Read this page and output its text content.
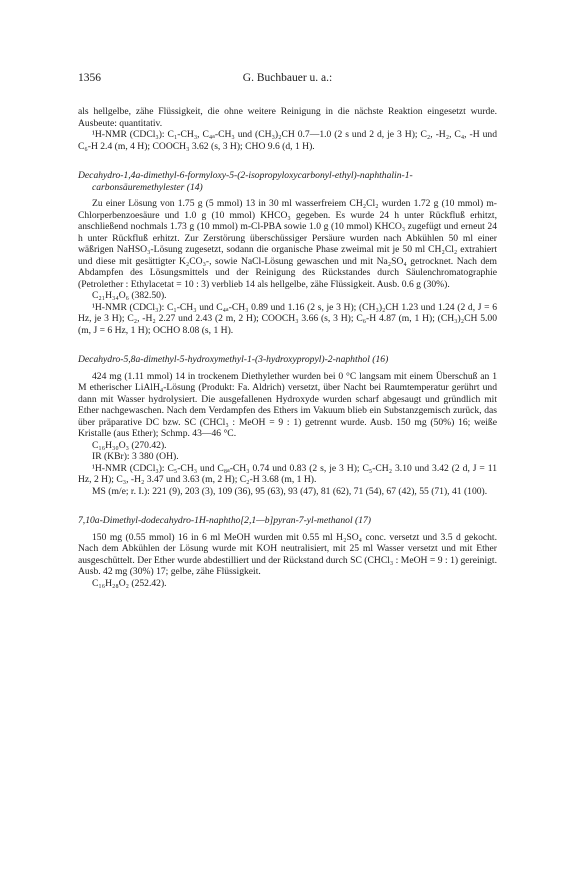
1356	G. Buchbauer u. a.:

als hellgelbe, zähe Flüssigkeit, die ohne weitere Reinigung in die nächste Reaktion eingesetzt wurde. Ausbeute: quantitativ.

¹H-NMR (CDCl₃): C₁-CH₃, C₄ₐ-CH₃ und (CH₃)₂CH 0.7—1.0 (2 s und 2 d, je 3 H); C₂, -H₂, C₄, -H und C₆-H 2.4 (m, 4 H); COOCH₃ 3.62 (s, 3 H); CHO 9.6 (d, 1 H).

Decahydro-1,4a-dimethyl-6-formyloxy-5-(2-isopropyloxycarbonyl-ethyl)-naphthalin-1-carbonsäuremethylester (14)

Zu einer Lösung von 1.75 g (5 mmol) 13 in 30 ml wasserfreiem CH₂Cl₂ wurden 1.72 g (10 mmol) m-Chlorperbenzoesäure und 1.0 g (10 mmol) KHCO₃ gegeben. Es wurde 24 h unter Rückfluß erhitzt, anschließend nochmals 1.73 g (10 mmol) m-Cl-PBA sowie 1.0 g (10 mmol) KHCO₃ zugefügt und erneut 24 h unter Rückfluß erhitzt. Zur Zerstörung überschüssiger Persäure wurden nach Abkühlen 50 ml einer wäßrigen NaHSO₃-Lösung zugesetzt, sodann die organische Phase zweimal mit je 50 ml CH₂Cl₂ extrahiert und diese mit gesättigter K₂CO₃-, sowie NaCl-Lösung gewaschen und mit Na₂SO₄ getrocknet. Nach dem Abdampfen des Lösungsmittels und der Reinigung des Rückstandes durch Säulenchromatographie (Petrolether : Ethylacetat = 10 : 3) verblieb 14 als hellgelbe, zähe Flüssigkeit. Ausb. 0.6 g (30%).

C₂₁H₃₄O₆ (382.50).

¹H-NMR (CDCl₃): C₁-CH₃ und C₄ₐ-CH₃ 0.89 und 1.16 (2 s, je 3 H); (CH₃)₂CH 1.23 und 1.24 (2 d, J = 6 Hz, je 3 H); C₂, -H₂ 2.27 und 2.43 (2 m, 2 H); COOCH₃ 3.66 (s, 3 H); C₆-H 4.87 (m, 1 H); (CH₃)₂CH 5.00 (m, J = 6 Hz, 1 H); OCHO 8.08 (s, 1 H).

Decahydro-5,8a-dimethyl-5-hydroxymethyl-1-(3-hydroxypropyl)-2-naphthol (16)

424 mg (1.11 mmol) 14 in trockenem Diethylether wurden bei 0 °C langsam mit einem Überschuß an 1 M etherischer LiAlH₄-Lösung (Produkt: Fa. Aldrich) versetzt, über Nacht bei Raumtemperatur gerührt und dann mit Wasser hydrolysiert. Die ausgefallenen Hydroxyde wurden scharf abgesaugt und gründlich mit Ether nachgewaschen. Nach dem Verdampfen des Ethers im Vakuum blieb ein Substanzgemisch zurück, das über präparative DC bzw. SC (CHCl₃ : MeOH = 9 : 1) getrennt wurde. Ausb. 150 mg (50%) 16; weiße Kristalle (aus Ether); Schmp. 43—46 °C.

C₁₆H₃₀O₃ (270.42).

IR (KBr): 3 380 (OH).

¹H-NMR (CDCl₃): C₅-CH₃ und C₈ₐ-CH₃ 0.74 und 0.83 (2 s, je 3 H); C₅-CH₂ 3.10 und 3.42 (2 d, J = 11 Hz, 2 H); C₃, -H₂ 3.47 und 3.63 (m, 2 H); C₂-H 3.68 (m, 1 H).

MS (m/e; r. I.): 221 (9), 203 (3), 109 (36), 95 (63), 93 (47), 81 (62), 71 (54), 67 (42), 55 (71), 41 (100).

7,10a-Dimethyl-dodecahydro-1H-naphtho[2,1—b]pyran-7-yl-methanol (17)

150 mg (0.55 mmol) 16 in 6 ml MeOH wurden mit 0.55 ml H₂SO₄ conc. versetzt und 3.5 d gekocht. Nach dem Abkühlen der Lösung wurde mit KOH neutralisiert, mit 25 ml Wasser versetzt und mit Ether ausgeschüttelt. Der Ether wurde abdestilliert und der Rückstand durch SC (CHCl₃ : MeOH = 9 : 1) gereinigt. Ausb. 42 mg (30%) 17; gelbe, zähe Flüssigkeit.

C₁₆H₂₈O₂ (252.42).
